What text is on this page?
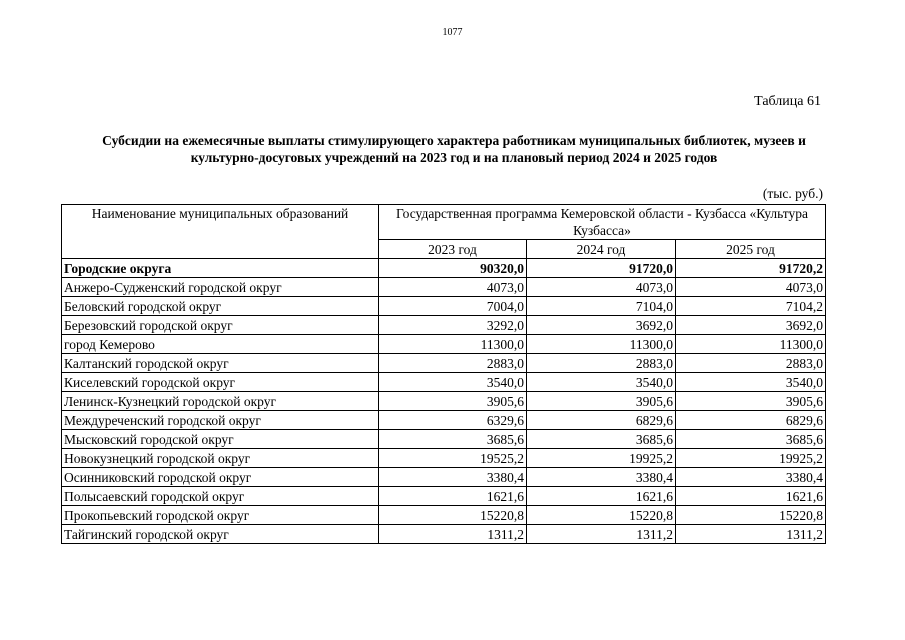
1077
Таблица 61
Субсидии на ежемесячные выплаты стимулирующего характера работникам муниципальных библиотек, музеев и
культурно-досуговых учреждений на 2023 год и на плановый период 2024 и 2025 годов
(тыс. руб.)
Наименование муниципальных образований	Государственная программа Кемеровской области - Кузбасса «Культура Кузбасса»		
	2023 год	2024 год	2025 год
Городские округа	90320,0	91720,0	91720,2
Анжеро-Судженский городской округ	4073,0	4073,0	4073,0
Беловский городской округ	7004,0	7104,0	7104,2
Березовский городской округ	3292,0	3692,0	3692,0
город Кемерово	11300,0	11300,0	11300,0
Калтанский городской округ	2883,0	2883,0	2883,0
Киселевский городской округ	3540,0	3540,0	3540,0
Ленинск-Кузнецкий городской округ	3905,6	3905,6	3905,6
Междуреченский городской округ	6329,6	6829,6	6829,6
Мысковский городской округ	3685,6	3685,6	3685,6
Новокузнецкий городской округ	19525,2	19925,2	19925,2
Осинниковский городской округ	3380,4	3380,4	3380,4
Полысаевский городской округ	1621,6	1621,6	1621,6
Прокопьевский городской округ	15220,8	15220,8	15220,8
Тайгинский городской округ	1311,2	1311,2	1311,2
